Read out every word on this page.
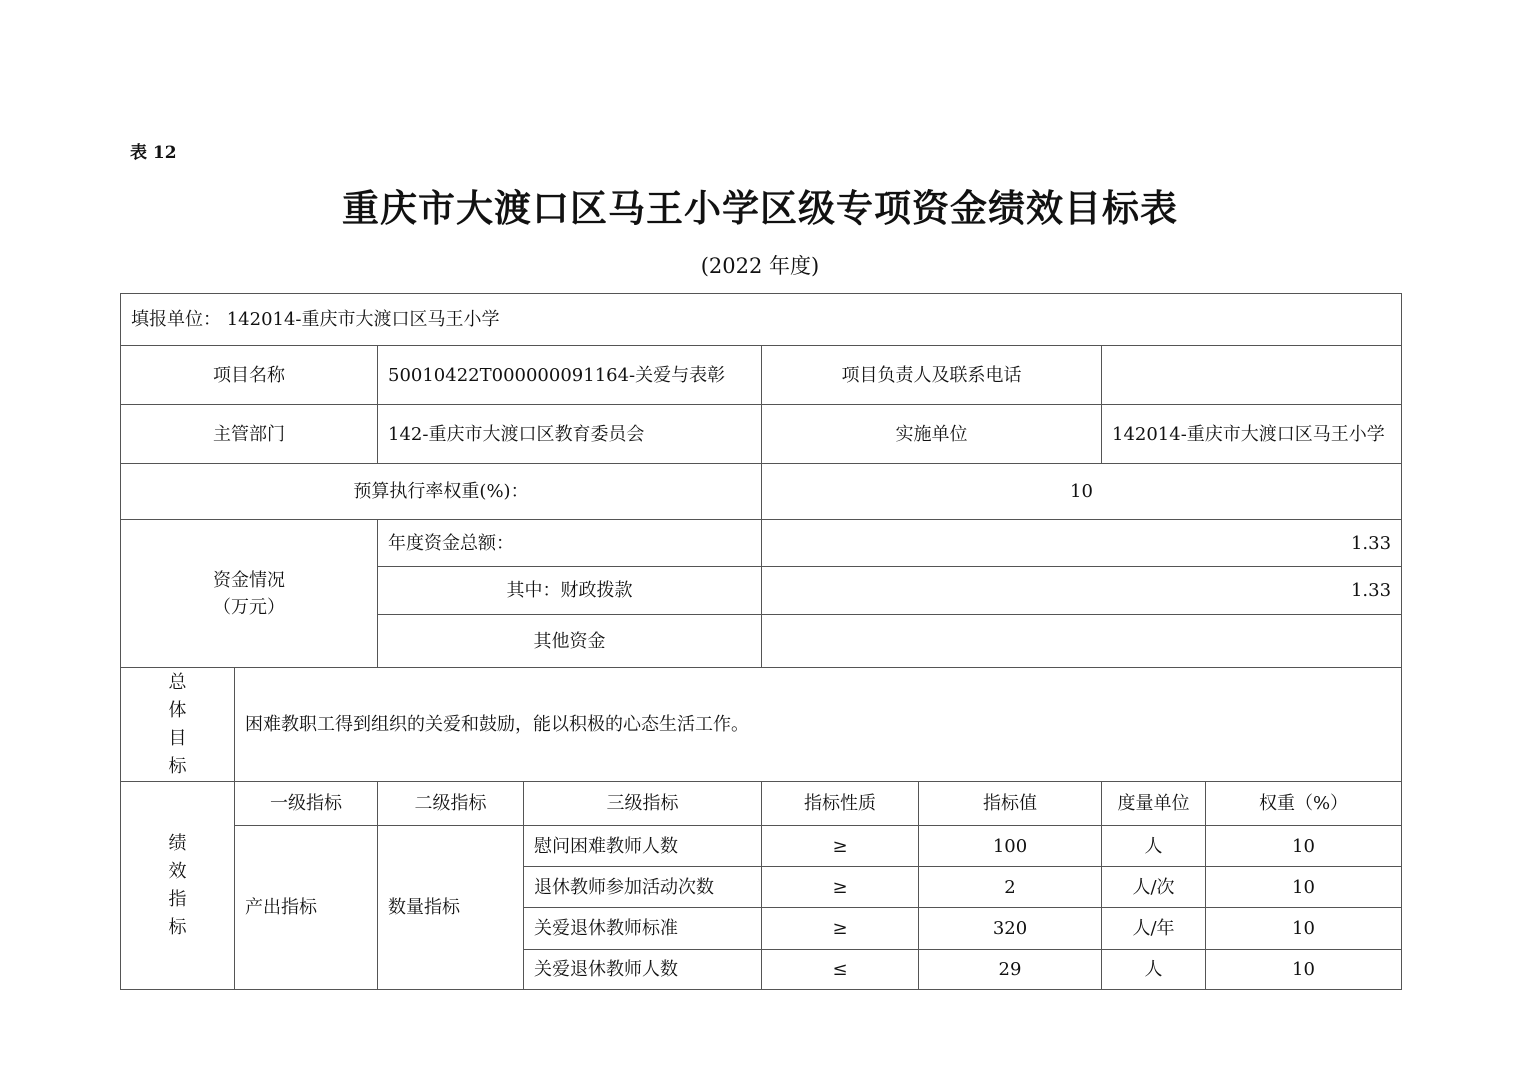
表 12
重庆市大渡口区马王小学区级专项资金绩效目标表
(2022 年度)
填报单位： 142014-重庆市大渡口区马王小学							
项目名称		50010422T000000091164-关爱与表彰		项目负责人及联系电话			
主管部门		142-重庆市大渡口区教育委员会		实施单位		142014-重庆市大渡口区马王小学	
预算执行率权重(%)：				10			

资金情况
（万元）		年度资金总额：		1.33			
		其中：财政拨款		1.33			
		其他资金					

总
体
目
标	困难教职工得到组织的关爱和鼓励，能以积极的心态生活工作。						

绩
效
指
标	一级指标	二级指标	三级指标	指标性质	指标值	度量单位	权重（%）
	产出指标	数量指标	慰问困难教师人数	≥	100	人	10
			退休教师参加活动次数	≥	2	人/次	10
			关爱退休教师标准	≥	320	人/年	10
			关爱退休教师人数	≤	29	人	10
